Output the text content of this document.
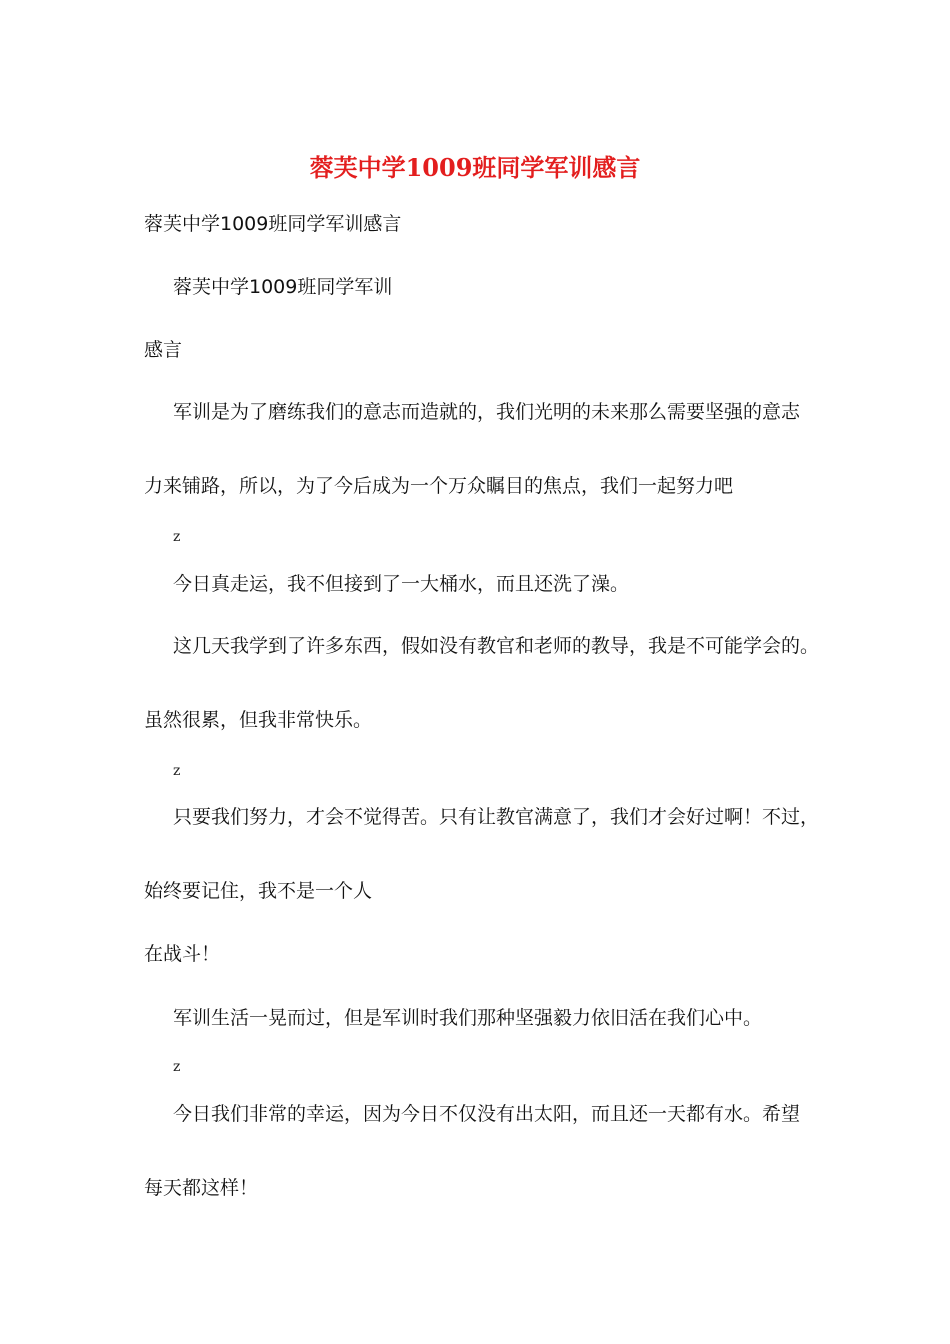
蓉芙中学1009班同学军训感言
蓉芙中学1009班同学军训感言
蓉芙中学1009班同学军训
感言
军训是为了磨练我们的意志而造就的，我们光明的未来那么需要坚强的意志
力来铺路，所以，为了今后成为一个万众瞩目的焦点，我们一起努力吧
z
今日真走运，我不但接到了一大桶水，而且还洗了澡。
这几天我学到了许多东西，假如没有教官和老师的教导，我是不可能学会的。
虽然很累，但我非常快乐。
z
只要我们努力，才会不觉得苦。只有让教官满意了，我们才会好过啊！不过，
始终要记住，我不是一个人
在战斗！
军训生活一晃而过，但是军训时我们那种坚强毅力依旧活在我们心中。
z
今日我们非常的幸运，因为今日不仅没有出太阳，而且还一天都有水。希望
每天都这样！
